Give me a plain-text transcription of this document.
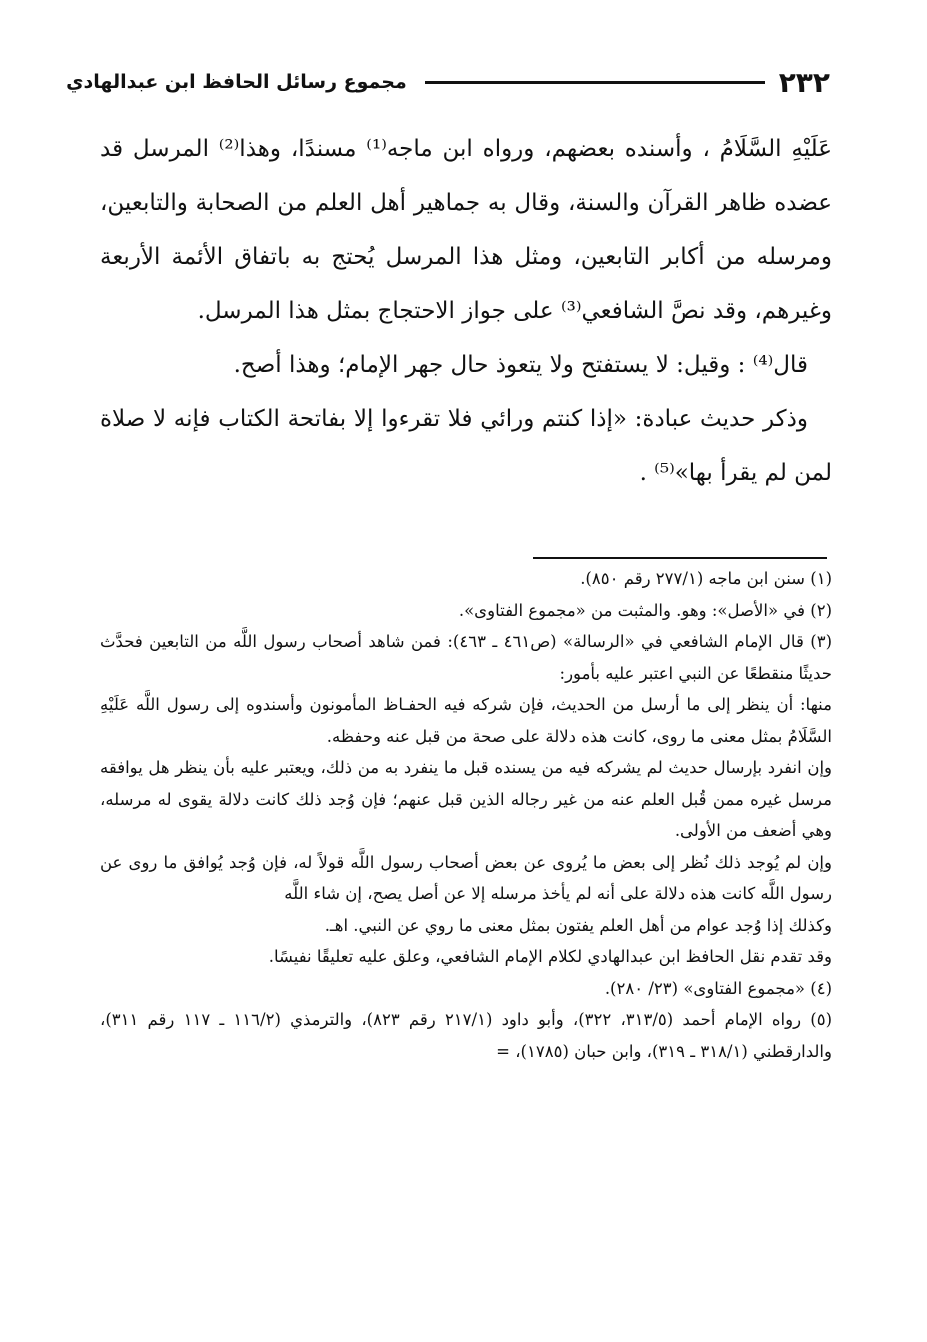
٢٣٢
مجموع رسائل الحافظ ابن عبدالهادي

عَلَيْهِ السَّلَامُ ، وأسنده بعضهم، ورواه ابن ماجه⁽¹⁾ مسندًا، وهذا⁽²⁾ المرسل قد عضده ظاهر القرآن والسنة، وقال به جماهير أهل العلم من الصحابة والتابعين، ومرسله من أكابر التابعين، ومثل هذا المرسل يُحتج به باتفاق الأئمة الأربعة وغيرهم، وقد نصَّ الشافعي⁽³⁾ على جواز الاحتجاج بمثل هذا المرسل.

قال⁽⁴⁾ : وقيل: لا يستفتح ولا يتعوذ حال جهر الإمام؛ وهذا أصح.

وذكر حديث عبادة: «إذا كنتم ورائي فلا تقرءوا إلا بفاتحة الكتاب فإنه لا صلاة لمن لم يقرأ بها»⁽⁵⁾ .

(١) سنن ابن ماجه (٢٧٧/١ رقم ٨٥٠).

(٢) في «الأصل»: وهو. والمثبت من «مجموع الفتاوى».

(٣) قال الإمام الشافعي في «الرسالة» (ص٤٦١ ـ ٤٦٣): فمن شاهد أصحاب رسول اللَّه من التابعين فحدَّث حديثًا منقطعًا عن النبي اعتبر عليه بأمور:

منها: أن ينظر إلى ما أرسل من الحديث، فإن شركه فيه الحفـاظ المأمونون وأسندوه إلى رسول اللَّه عَلَيْهِ السَّلَامُ بمثل معنى ما روى، كانت هذه دلالة على صحة من قبل عنه وحفظه.

وإن انفرد بإرسال حديث لم يشركه فيه من يسنده قبل ما ينفرد به من ذلك، ويعتبر عليه بأن ينظر هل يوافقه مرسل غيره ممن قُبل العلم عنه من غير رجاله الذين قبل عنهم؛ فإن وُجد ذلك كانت دلالة يقوى له مرسله، وهي أضعف من الأولى.

وإن لم يُوجد ذلك نُظر إلى بعض ما يُروى عن بعض أصحاب رسول اللَّه قولاً له، فإن وُجد يُوافق ما روى عن رسول اللَّه كانت هذه دلالة على أنه لم يأخذ مرسله إلا عن أصل يصح، إن شاء اللَّه

وكذلك إذا وُجد عوام من أهل العلم يفتون بمثل معنى ما روي عن النبي. اهـ.

وقد تقدم نقل الحافظ ابن عبدالهادي لكلام الإمام الشافعي، وعلق عليه تعليقًا نفيسًا.

(٤) «مجموع الفتاوى» (٢٣/ ٢٨٠).

(٥) رواه الإمام أحمد (٣١٣/٥، ٣٢٢)، وأبو داود (٢١٧/١ رقم ٨٢٣)، والترمذي (١١٦/٢ ـ ١١٧ رقم ٣١١)، والدارقطني (٣١٨/١ ـ ٣١٩)، وابن حبان (١٧٨٥)، =
